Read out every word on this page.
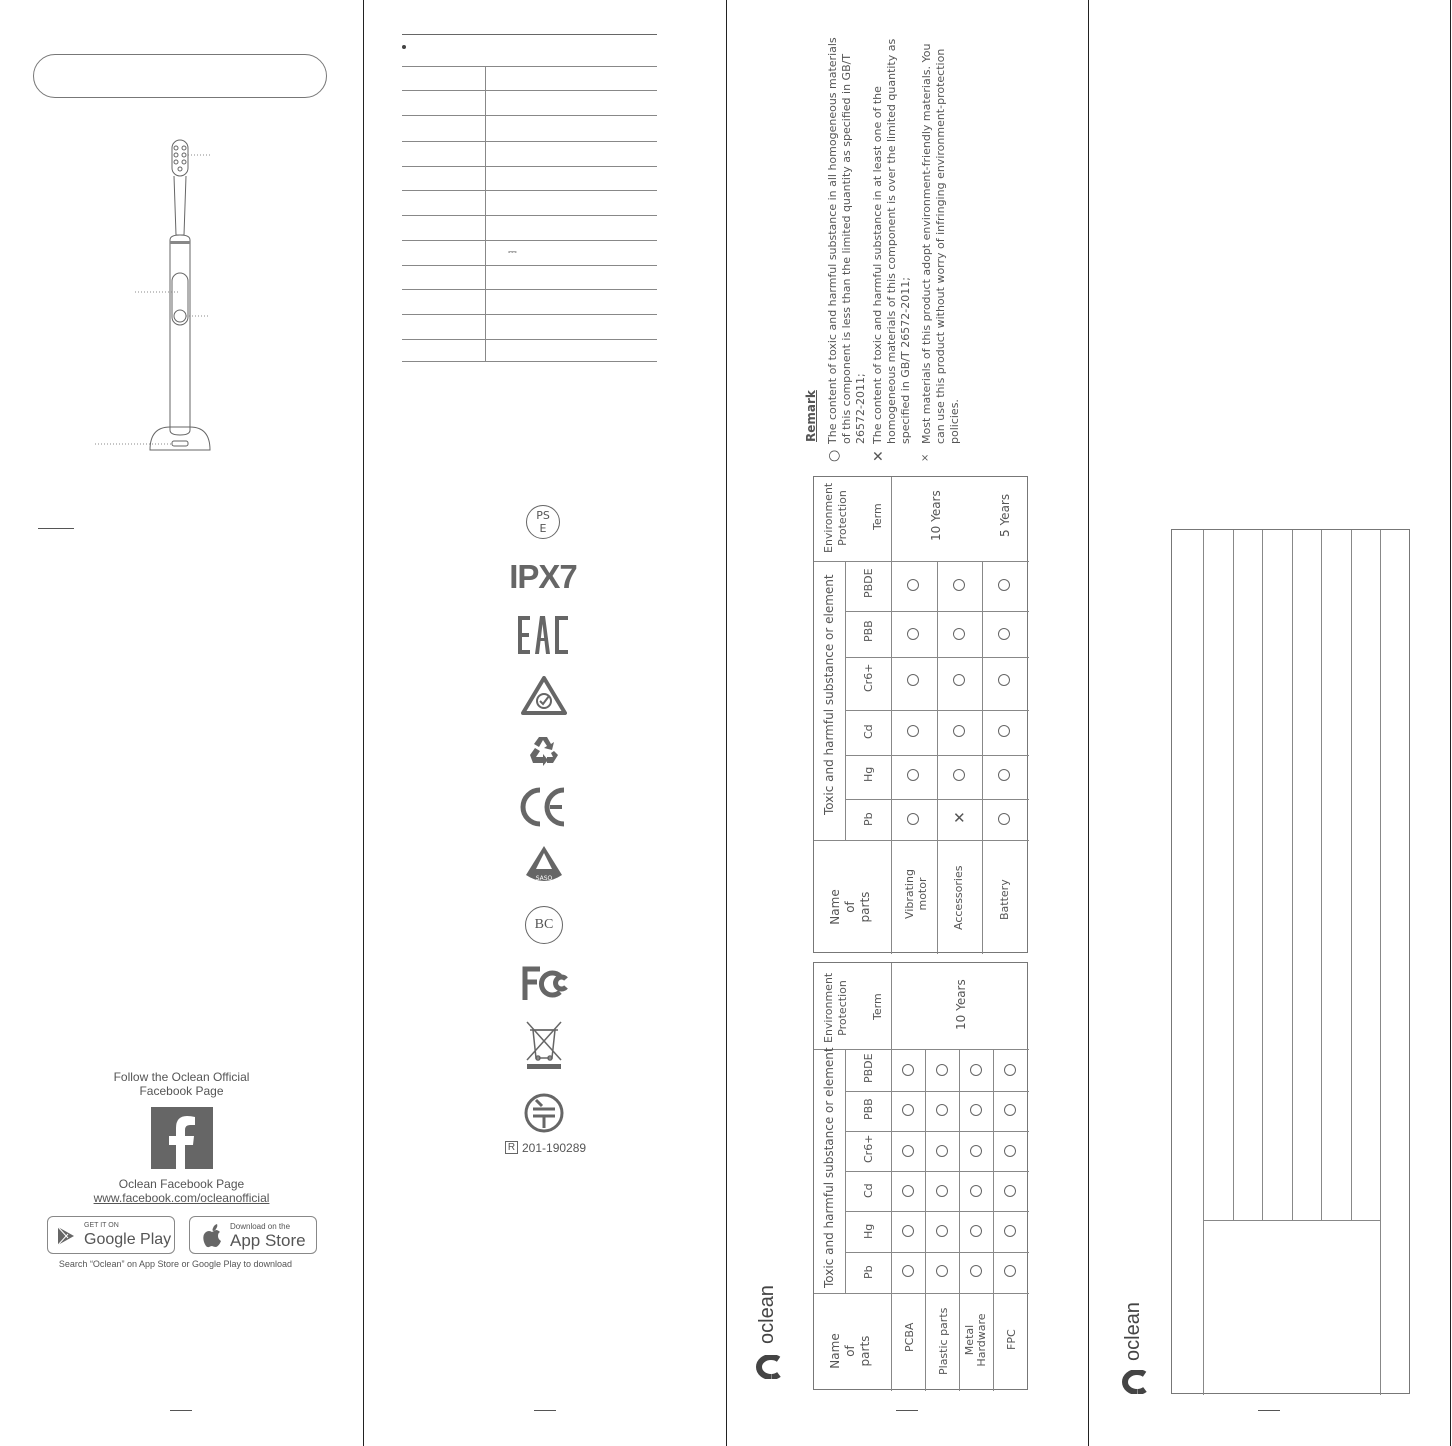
Follow the Oclean Official
Facebook Page
Oclean Facebook Page
www.facebook.com/ocleanofficial
GET IT ON
Google Play
Download on the
App Store
Search “Oclean” on App Store or Google Play to download
⎓
PS
E
IPX7
SASO
BC
R 201-190289
oclean
Remark
○
The content of toxic and harmful substance in all homogeneous materials of this component is less than the limited quantity as specified in GB/T 26572-2011;
✕
The content of toxic and harmful substance in at least one of the homogeneous materials of this component is over the limited quantity as specified in GB/T 26572-2011;
×
Most materials of this product adopt environment-friendly materials. You can use this product without worry of infringing environment-protection policies.
Name of parts
Toxic and harmful substance or element
Pb
Hg
Cd
Cr6+
PBB
PBDE
Environment Protection Term
Vibrating motor Accessories	Battery
10 Years	5 Years
✕
Name of parts
Toxic and harmful substance or element Pb
Hg
Cd
Cr6+
PBB
PBDE
Environment Protection Term
PCBA Plastic parts Metal Hardware FPC
10 Years
oclean
